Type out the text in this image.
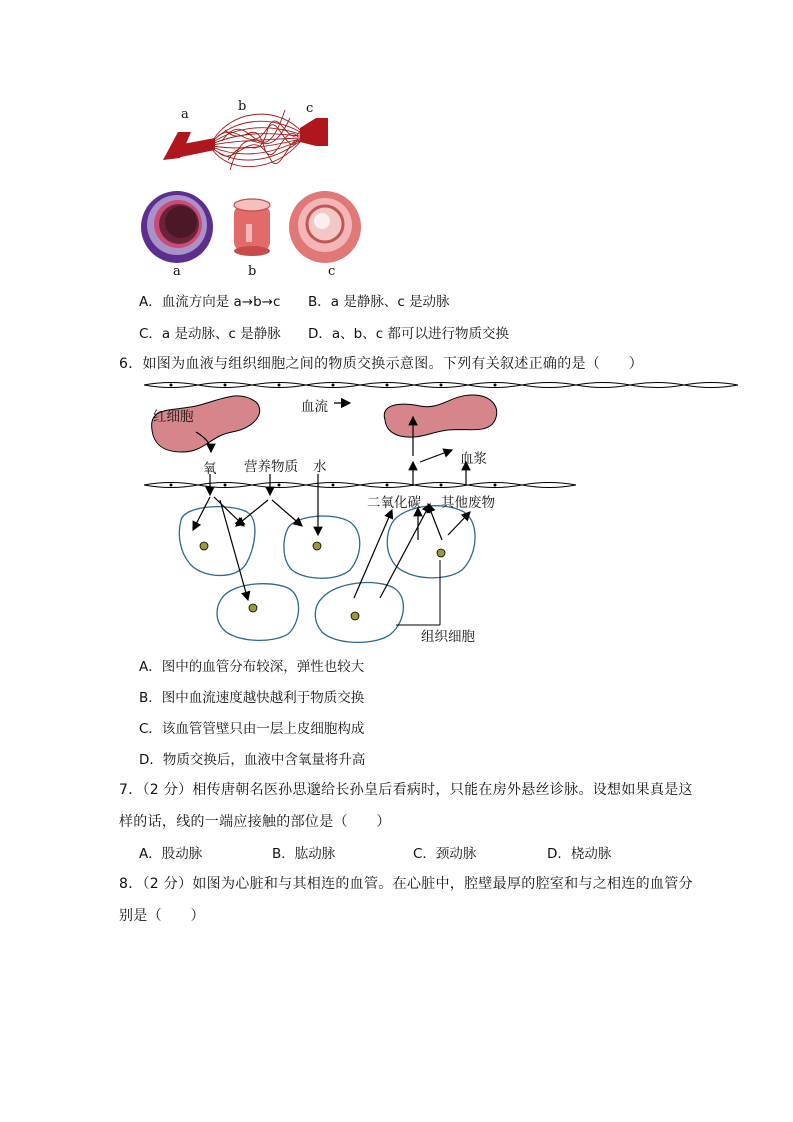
a
b	c
a	b	c
A．血流方向是 a→b→c B．a 是静脉、c 是动脉
C．a 是动脉、c 是静脉 D．a、b、c 都可以进行物质交换
6．如图为血液与组织细胞之间的物质交换示意图。下列有关叙述正确的是（　　）
红细胞
血流
氧 营养物质 水	血浆
二氧化碳 其他废物
组织细胞
A．图中的血管分布较深，弹性也较大
B．图中血流速度越快越利于物质交换
C．该血管管壁只由一层上皮细胞构成
D．物质交换后，血液中含氧量将升高
7．（2 分）相传唐朝名医孙思邈给长孙皇后看病时，只能在房外悬丝诊脉。设想如果真是这
样的话，线的一端应接触的部位是（　　）
A．股动脉	B．肱动脉	C．颈动脉	D．桡动脉
8．（2 分）如图为心脏和与其相连的血管。在心脏中，腔壁最厚的腔室和与之相连的血管分
别是（　　）
